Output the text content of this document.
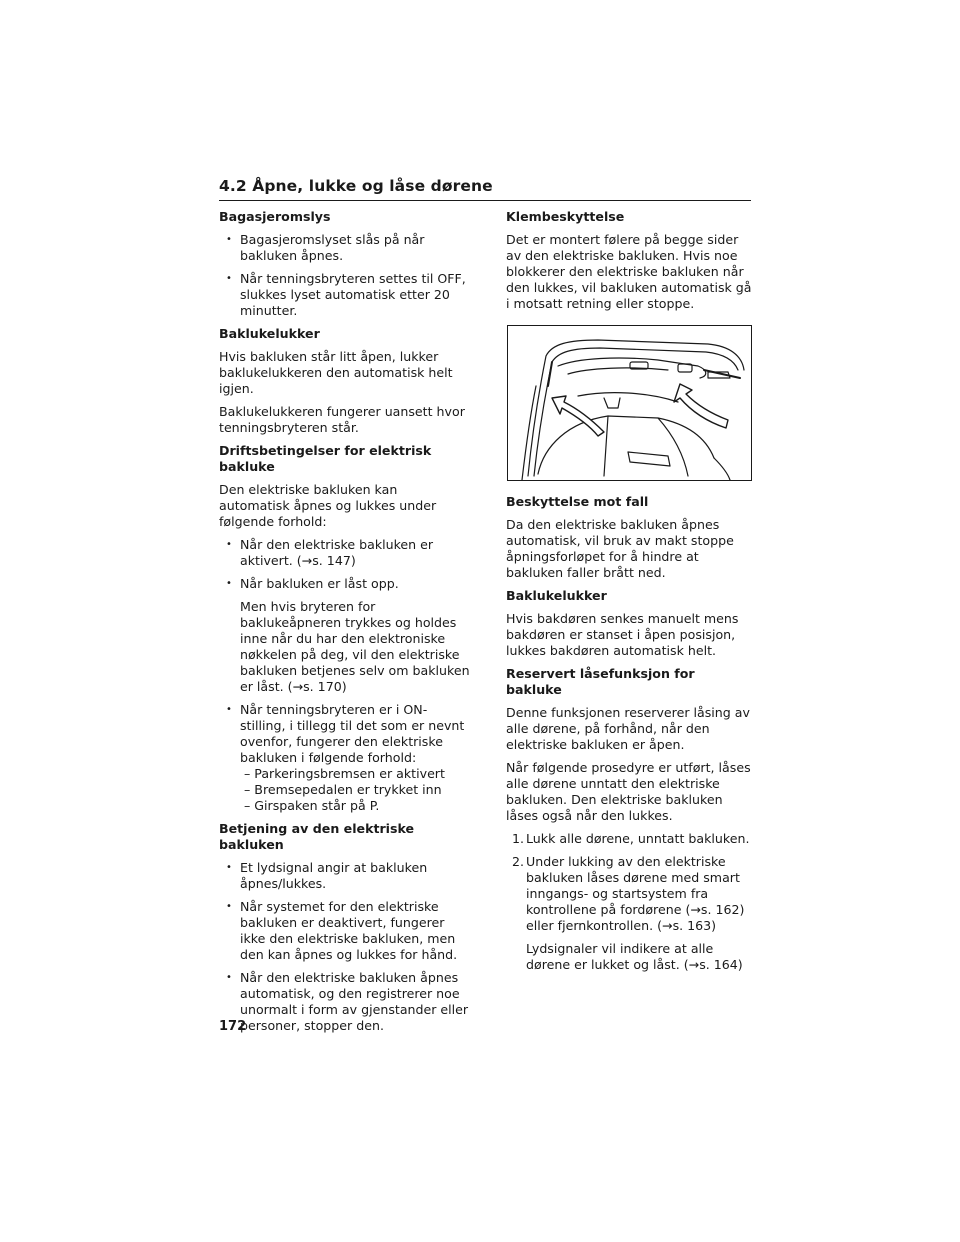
4.2 Åpne, lukke og låse dørene
Bagasjeromslys
• Bagasjeromslyset slås på når bakluken åpnes.
• Når tenningsbryteren settes til OFF, slukkes lyset automatisk etter 20 minutter.
Baklukelukker

Hvis bakluken står litt åpen, lukker baklukelukkeren den automatisk helt igjen.

Baklukelukkeren fungerer uansett hvor tenningsbryteren står.

Driftsbetingelser for elektrisk bakluke

Den elektriske bakluken kan automatisk åpnes og lukkes under følgende forhold:

• Når den elektriske bakluken er aktivert. (→s. 147)
• Når bakluken er låst opp.
Men hvis bryteren for baklukeåpneren trykkes og holdes inne når du har den elektroniske nøkkelen på deg, vil den elektriske bakluken betjenes selv om bakluken er låst. (→s. 170)
• Når tenningsbryteren er i ON-stilling, i tillegg til det som er nevnt ovenfor, fungerer den elektriske bakluken i følgende forhold:
– Parkeringsbremsen er aktivert
– Bremsepedalen er trykket inn
– Girspaken står på P.
Betjening av den elektriske bakluken
• Et lydsignal angir at bakluken åpnes/lukkes.
• Når systemet for den elektriske bakluken er deaktivert, fungerer ikke den elektriske bakluken, men den kan åpnes og lukkes for hånd.
• Når den elektriske bakluken åpnes automatisk, og den registrerer noe unormalt i form av gjenstander eller personer, stopper den.
Klembeskyttelse

Det er montert følere på begge sider av den elektriske bakluken. Hvis noe blokkerer den elektriske bakluken når den lukkes, vil bakluken automatisk gå i motsatt retning eller stoppe.

Beskyttelse mot fall

Da den elektriske bakluken åpnes automatisk, vil bruk av makt stoppe åpningsforløpet for å hindre at bakluken faller brått ned.

Baklukelukker

Hvis bakdøren senkes manuelt mens bakdøren er stanset i åpen posisjon, lukkes bakdøren automatisk helt.

Reservert låsefunksjon for bakluke

Denne funksjonen reserverer låsing av alle dørene, på forhånd, når den elektriske bakluken er åpen.

Når følgende prosedyre er utført, låses alle dørene unntatt den elektriske bakluken. Den elektriske bakluken låses også når den lukkes.

1. Lukk alle dørene, unntatt bakluken.
2. Under lukking av den elektriske bakluken låses dørene med smart inngangs- og startsystem fra kontrollene på fordørene (→s. 162) eller fjernkontrollen. (→s. 163)
Lydsignaler vil indikere at alle dørene er lukket og låst. (→s. 164)
172
